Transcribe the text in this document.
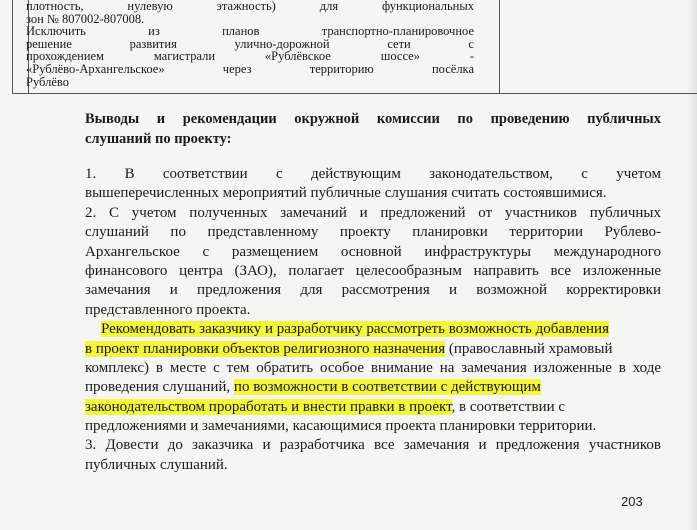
плотность, нулевую этажность) для функциональных
зон № 807002-807008.
Исключить из планов транспортно-планировочное
решение развития улично-дорожной сети с
прохождением магистрали «Рублёвское шоссе» -
«Рублёво-Архангельское» через территорию посёлка
Рублёво
Выводы и рекомендации окружной комиссии по проведению публичных
слушаний по проекту:
1. В соответствии с действующим законодательством, с учетом
вышеперечисленных мероприятий публичные слушания считать состоявшимися.
2. С учетом полученных замечаний и предложений от участников публичных
слушаний по представленному проекту планировки территории Рублево-
Архангельское с размещением основной инфраструктуры международного
финансового центра (ЗАО), полагает целесообразным направить все изложенные
замечания и предложения для рассмотрения и возможной корректировки
представленного проекта.
Рекомендовать заказчику и разработчику рассмотреть возможность добавления
в проект планировки объектов религиозного назначения (православный храмовый
комплекс) в месте с тем обратить особое внимание на замечания изложенные в ходе
проведения слушаний, по возможности в соответствии с действующим
законодательством проработать и внести правки в проект, в соответствии с
предложениями и замечаниями, касающимися проекта планировки территории.
3. Довести до заказчика и разработчика все замечания и предложения участников
публичных слушаний.
203
